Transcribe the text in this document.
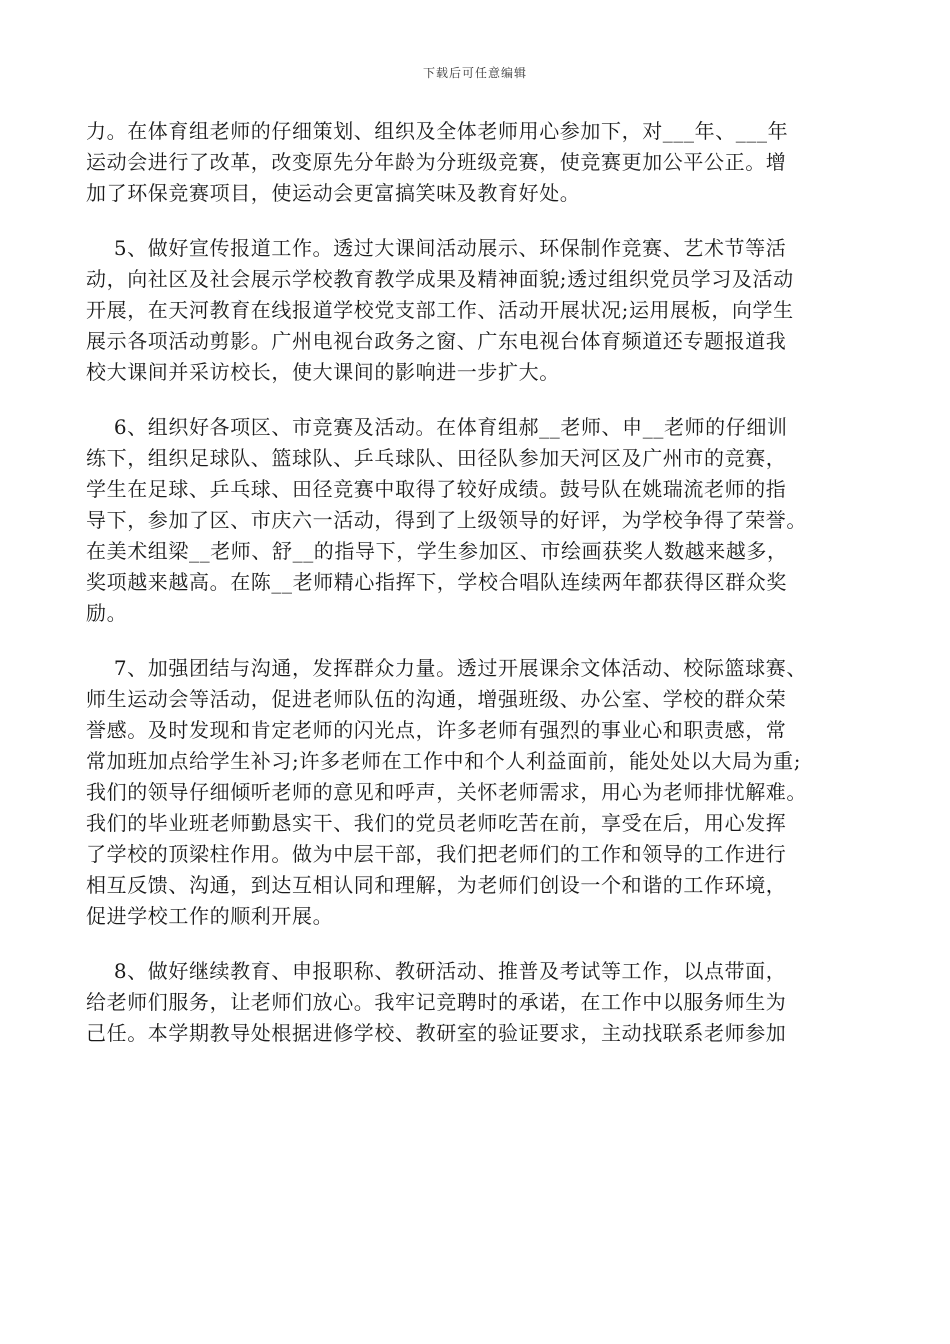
下载后可任意编辑
力。在体育组老师的仔细策划、组织及全体老师用心参加下，对___年、___年
运动会进行了改革，改变原先分年龄为分班级竞赛，使竞赛更加公平公正。增
加了环保竞赛项目，使运动会更富搞笑味及教育好处。
5、做好宣传报道工作。透过大课间活动展示、环保制作竞赛、艺术节等活
动，向社区及社会展示学校教育教学成果及精神面貌;透过组织党员学习及活动
开展，在天河教育在线报道学校党支部工作、活动开展状况;运用展板，向学生
展示各项活动剪影。广州电视台政务之窗、广东电视台体育频道还专题报道我
校大课间并采访校长，使大课间的影响进一步扩大。
6、组织好各项区、市竞赛及活动。在体育组郝__老师、申__老师的仔细训
练下，组织足球队、篮球队、乒乓球队、田径队参加天河区及广州市的竞赛，
学生在足球、乒乓球、田径竞赛中取得了较好成绩。鼓号队在姚瑞流老师的指
导下，参加了区、市庆六一活动，得到了上级领导的好评，为学校争得了荣誉。
在美术组梁__老师、舒__的指导下，学生参加区、市绘画获奖人数越来越多，
奖项越来越高。在陈__老师精心指挥下，学校合唱队连续两年都获得区群众奖
励。
7、加强团结与沟通，发挥群众力量。透过开展课余文体活动、校际篮球赛、
师生运动会等活动，促进老师队伍的沟通，增强班级、办公室、学校的群众荣
誉感。及时发现和肯定老师的闪光点，许多老师有强烈的事业心和职责感，常
常加班加点给学生补习;许多老师在工作中和个人利益面前，能处处以大局为重;
我们的领导仔细倾听老师的意见和呼声，关怀老师需求，用心为老师排忧解难。
我们的毕业班老师勤恳实干、我们的党员老师吃苦在前，享受在后，用心发挥
了学校的顶梁柱作用。做为中层干部，我们把老师们的工作和领导的工作进行
相互反馈、沟通，到达互相认同和理解，为老师们创设一个和谐的工作环境，
促进学校工作的顺利开展。
8、做好继续教育、申报职称、教研活动、推普及考试等工作，以点带面，
给老师们服务，让老师们放心。我牢记竞聘时的承诺，在工作中以服务师生为
己任。本学期教导处根据进修学校、教研室的验证要求，主动找联系老师参加
